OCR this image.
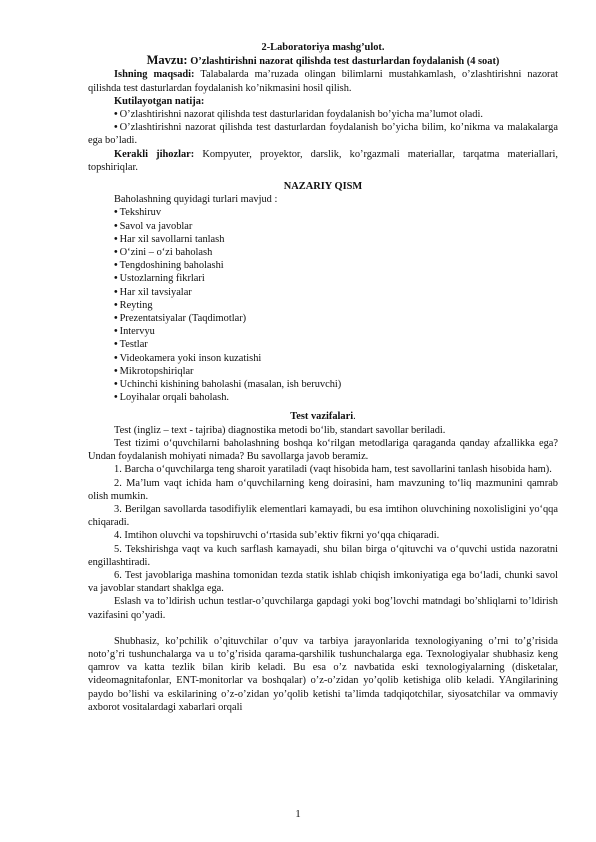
2-Laboratoriya mashg’ulot.

Mavzu: O’zlashtirishni nazorat qilishda test dasturlardan foydalanish (4 soat)

Ishning maqsadi: Talabalarda ma’ruzada olingan bilimlarni mustahkamlash, o’zlashtirishni nazorat qilishda test dasturlardan foydalanish ko’nikmasini hosil qilish.

Kutilayotgan natija:

• O’zlashtirishni nazorat qilishda test dasturlaridan foydalanish bo’yicha ma’lumot oladi.

• O’zlashtirishni nazorat qilishda test dasturlardan foydalanish bo’yicha bilim, ko’nikma va malakalarga ega bo’ladi.

Kerakli jihozlar: Kompyuter, proyektor, darslik, ko’rgazmali materiallar, tarqatma materiallari, topshiriqlar.

NAZARIY QISM

Baholashning quyidagi turlari mavjud :

• Tekshiruv

• Savol va javoblar

• Har xil savollarni tanlash

• O‘zini – o‘zi baholash

• Tengdoshining baholashi

• Ustozlarning fikrlari

• Har xil tavsiyalar

• Reyting

• Prezentatsiyalar (Taqdimotlar)

• Intervyu

• Testlar

• Videokamera yoki inson kuzatishi

• Mikrotopshiriqlar

• Uchinchi kishining baholashi (masalan, ish beruvchi)

• Loyihalar orqali baholash.

Test vazifalari.

Test (ingliz – text - tajriba) diagnostika metodi bo‘lib, standart savollar beriladi.

Test tizimi o‘quvchilarni baholashning boshqa ko‘rilgan metodlariga qaraganda qanday afzallikka ega? Undan foydalanish mohiyati nimada? Bu savollarga javob beramiz.

1. Barcha o‘quvchilarga teng sharoit yaratiladi (vaqt hisobida ham, test savollarini tanlash hisobida ham).

2. Ma’lum vaqt ichida ham o‘quvchilarning keng doirasini, ham mavzuning to‘liq mazmunini qamrab olish mumkin.

3. Berilgan savollarda tasodifiylik elementlari kamayadi, bu esa imtihon oluvchining noxolisligini yo‘qqa chiqaradi.

4. Imtihon oluvchi va topshiruvchi o‘rtasida sub’ektiv fikrni yo‘qqa chiqaradi.

5. Tekshirishga vaqt va kuch sarflash kamayadi, shu bilan birga o‘qituvchi va o‘quvchi ustida nazoratni engillashtiradi.

6. Test javoblariga mashina tomonidan tezda statik ishlab chiqish imkoniyatiga ega bo‘ladi, chunki savol va javoblar standart shaklga ega.

Eslash va to’ldirish uchun testlar-o’quvchilarga gapdagi yoki bog’lovchi matndagi bo’shliqlarni to’ldirish vazifasini qo’yadi.

Shubhasiz, ko’pchilik o’qituvchilar o’quv va tarbiya jarayonlarida texnologiyaning o’rni to’g’risida noto’g’ri tushunchalarga va u to’g’risida qarama-qarshilik tushunchalarga ega. Texnologiyalar shubhasiz keng qamrov va katta tezlik bilan kirib keladi. Bu esa o’z navbatida eski texnologiyalarning (disketalar, videomagnitafonlar, ENT-monitorlar va boshqalar) o’z-o’zidan yo’qolib ketishiga olib keladi. YAngilarining paydo bo’lishi va eskilarining o’z-o’zidan yo’qolib ketishi ta’limda tadqiqotchilar, siyosatchilar va ommaviy axborot vositalardagi xabarlari orqali

1
